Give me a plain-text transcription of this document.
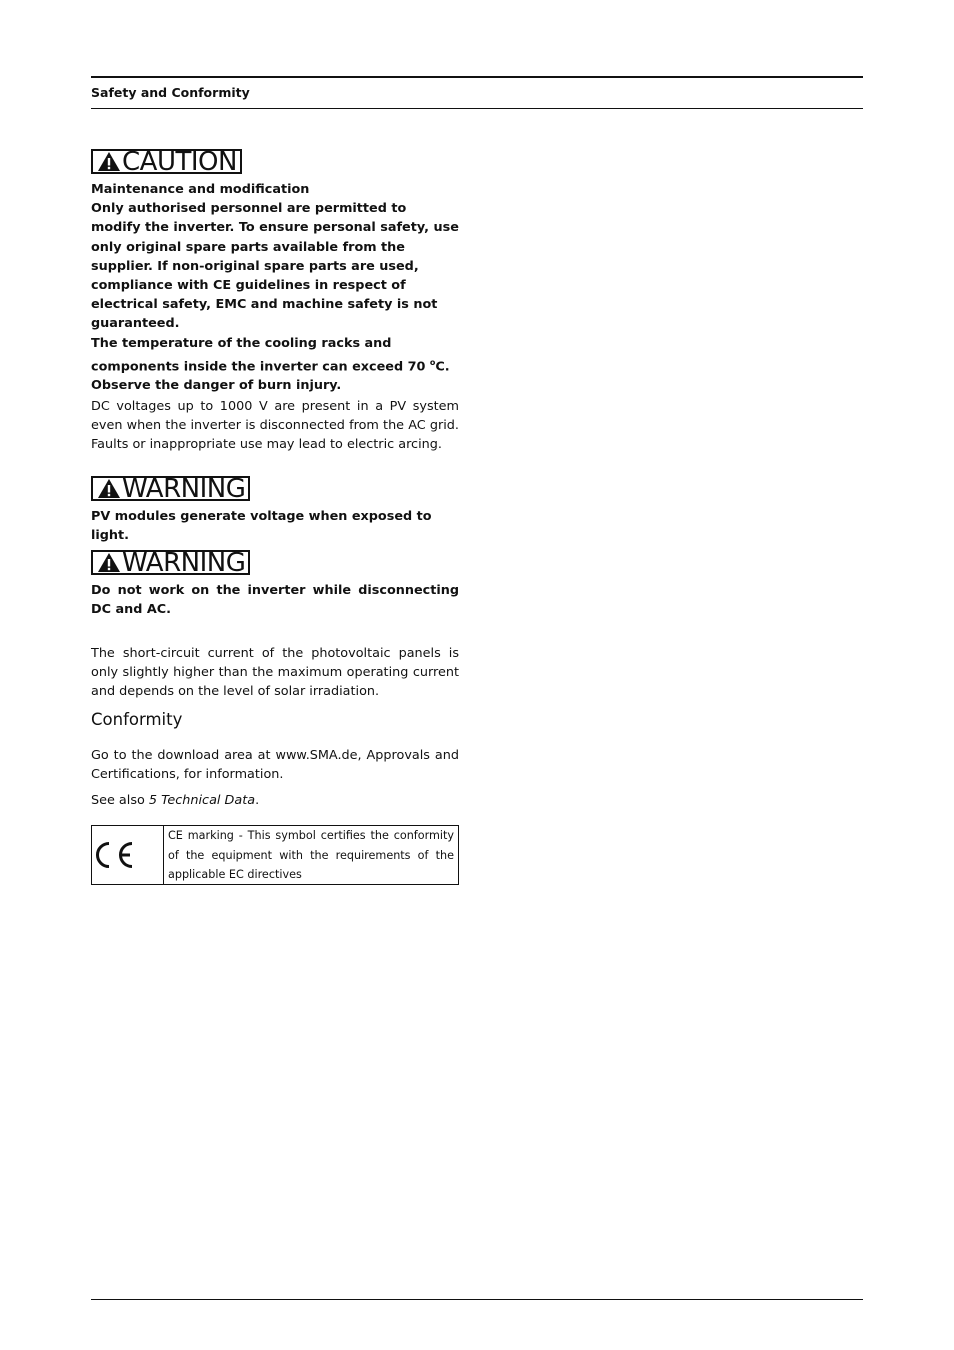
Safety and Conformity
CAUTION

Maintenance and modification

Only authorised personnel are permitted to modify the inverter. To ensure personal safety, use only original spare parts available from the supplier. If non-original spare parts are used, compliance with CE guidelines in respect of electrical safety, EMC and machine safety is not guaranteed.

The temperature of the cooling racks and components inside the inverter can exceed 70 $^o$C. Observe the danger of burn injury.

DC voltages up to 1000 V are present in a PV system even when the inverter is disconnected from the AC grid. Faults or inappropriate use may lead to electric arcing.

WARNING

PV modules generate voltage when exposed to light.

WARNING

Do not work on the inverter while disconnecting DC and AC.

The short-circuit current of the photovoltaic panels is only slightly higher than the maximum operating current and depends on the level of solar irradiation.

Conformity

Go to the download area at www.SMA.de, Approvals and Certifications, for information.

See also 5 Technical Data.

CE marking - This symbol certifies the conformity of the equipment with the requirements of the applicable EC directives
